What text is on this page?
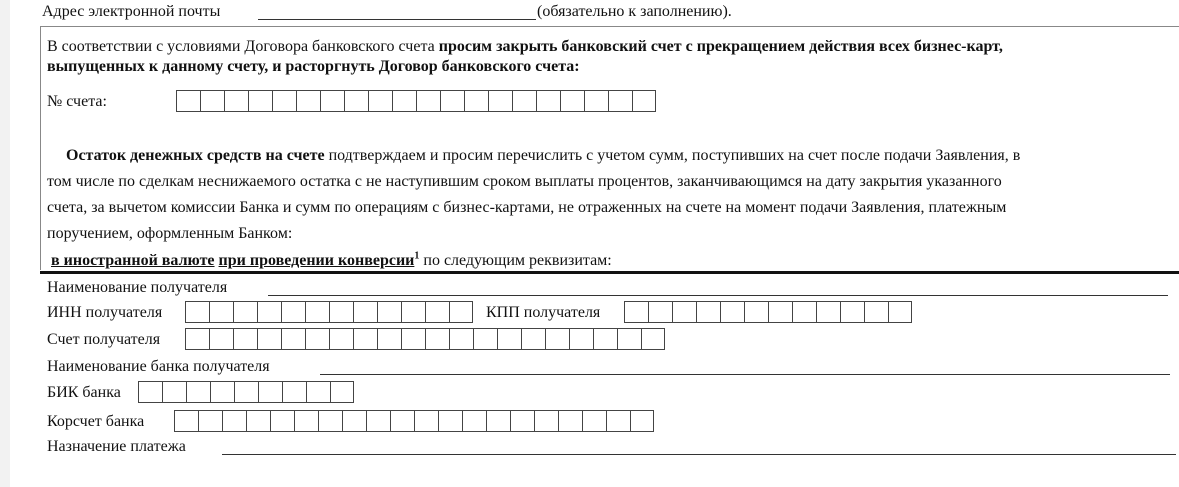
Адрес электронной почты	(обязательно к заполнению).
В соответствии с условиями Договора банковского счета просим закрыть банковский счет с прекращением действия всех бизнес-карт,
выпущенных к данному счету, и расторгнуть Договор банковского счета:
№ счета:
Остаток денежных средств на счете подтверждаем и просим перечислить с учетом сумм, поступивших на счет после подачи Заявления, в
том числе по сделкам неснижаемого остатка с не наступившим сроком выплаты процентов, заканчивающимся на дату закрытия указанного
счета, за вычетом комиссии Банка и сумм по операциям с бизнес-картами, не отраженных на счете на момент подачи Заявления, платежным
поручением, оформленным Банком:
в иностранной валюте при проведении конверсии$^1$ по следующим реквизитам:
Наименование получателя
ИНН получателя	КПП получателя
Счет получателя
Наименование банка получателя
БИК банка
Корсчет банка
Назначение платежа
